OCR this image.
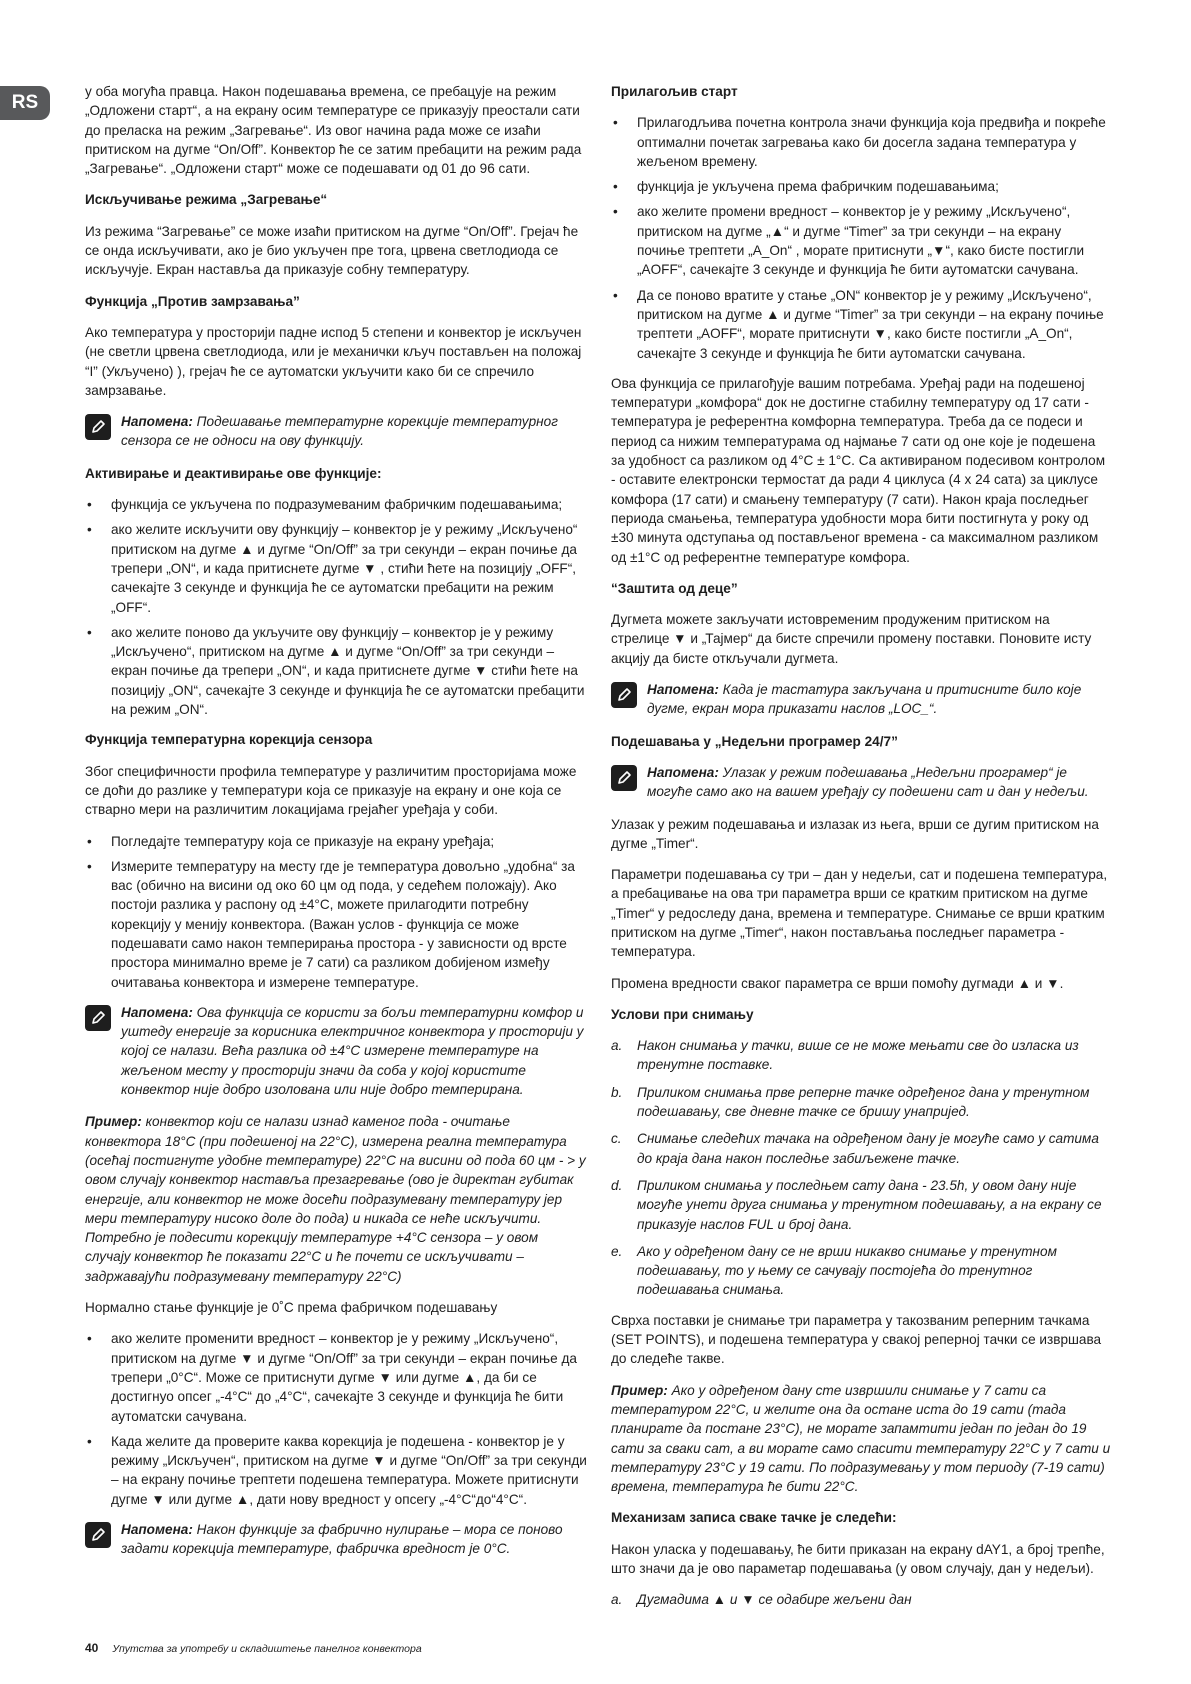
RS

у оба могућа правца. Након подешавања времена, се пребацује на режим „Одложени старт“, а на екрану осим температуре се приказују преостали сати до преласка на режим „Загревање“. Из овог начина рада може се изаћи притиском на дугме “On/Off”. Конвектор ће се затим пребацити на режим рада „Загревање“. „Одложени старт“ може се подешавати од 01 до 96 сати.

Искључивање режима „Загревање“

Из режима “Загревање” се може изаћи притиском на дугме “On/Off”. Грејач ће се онда искључивати, ако је био укључен пре тога, црвена светлодиода се искључује. Екран наставља да приказује собну температуру.

Функција „Против замрзавања”

Ако температура у просторији падне испод 5 степени и конвектор је искључен (не светли црвена светлодиода, или је механички кључ постављен на положај “I” (Укључено) ), грејач ће се аутоматски укључити како би се спречило замрзавање.

Напомена: Подешавање температурне корекције температурног сензора се не односи на ову функцију.
Активирање и деактивирање ове функције:
• функција се укључена по подразумеваним фабричким подешавањима;
• ако желите искључити ову функцију – конвектор је у режиму „Искључено“ притиском на дугме ▲ и дугме “On/Off” за три секунди – екран почиње да трепери „ON“, и када притиснете дугме ▼ , стићи ћете на позицију „OFF“, сачекајте 3 секунде и функција ће се аутоматски пребацити на режим „OFF“.
• ако желите поново да укључите ову функцију – конвектор је у режиму „Искључено“, притиском на дугме ▲ и дугме “On/Off” за три секунди – екран почиње да трепери „ON“, и када притиснете дугме ▼ стићи ћете на позицију „ON“, сачекајте 3 секунде и функција ће се аутоматски пребацити на режим „ON“.
Функција температурна корекција сензора

Због специфичности профила температуре у различитим просторијама може се доћи до разлике у температури која се приказује на екрану и оне која се стварно мери на различитим локацијама грејаћег уређаја у соби.

• Погледајте температуру која се приказује на екрану уређаја;
• Измерите температуру на месту где је температура довољно „удобна“ за вас (обично на висини од око 60 цм од пода, у седећем положају). Ако постоји разлика у распону од ±4°C, можете прилагодити потребну корекцију у менију конвектора. (Важан услов - функција се може подешавати само након темперирања простора - у зависности од врсте простора минимално време је 7 сати) са разликом добијеном између очитавања конвектора и измерене температуре.
Напомена: Ова функција се користи за бољи температурни комфор и уштеду енергије за корисника електричног конвектора у просторији у којој се налази. Већа разлика од ±4°C измерене температуре на жељеном месту у просторији значи да соба у којој користите конвектор није добро изолована или није добро темперирана.

Пример: конвектор који се налази изнад каменог пода - очитање конвектора 18°C (при подешеној на 22°C), измерена реална температура (осећај постигнуте удобне температуре) 22°C на висини од пода 60 цм - > у овом случају конвектор наставља презагревање (ово је директан губитак енергије, али конвектор не може досећи подразумевану температуру јер мери температуру нисоко доле до пода) и никада се неће искључити. Потребно је подесити корекцију температуре +4°C сензора – у овом случају конвектор ће показати 22°C и ће почети се искључивати – задржавајући подразумевану температуру 22°C)

Нормално стање функције је 0˚C према фабричком подешавању

• ако желите променити вредност – конвектор је у режиму „Искључено“, притиском на дугме ▼ и дугме “On/Off” за три секунди – екран почиње да трепери „0°C“. Може се притиснути дугме ▼ или дугме ▲, да би се достигнуо опсег „-4°C“ до „4°C“, сачекајте 3 секунде и функција ће бити аутоматски сачувана.
• Када желите да проверите каква корекција је подешена - конвектор је у режиму „Искључен“, притиском на дугме ▼ и дугме “On/Off” за три секунди – на екрану почиње трептети подешена температура. Можете притиснути дугме ▼ или дугме ▲, дати нову вредност у опсегу „-4°C“до“4°C“.
Напомена: Након функције за фабрично нулирање – мора се поново задати корекција температуре, фабричка вредност је 0°C.
Прилагољив старт
• Прилагодљива почетна контрола значи функција која предвиђа и покреће оптимални почетак загревања како би досегла задана температура у жељеном времену.
• функција је укључена према фабричким подешавањима;
• ако желите промени вредност – конвектор је у режиму „Искључено“, притиском на дугме „▲“ и дугме “Timer” за три секунди – на екрану почиње трептети „A_On“ , морате притиснути „▼“, како бисте постигли „AOFF“, сачекајте 3 секунде и функција ће бити аутоматски сачувана.
• Да се поново вратите у стање „ON“ конвектор је у режиму „Искључено“, притиском на дугме ▲ и дугме “Timer” за три секунди – на екрану почиње трептети „AOFF“, морате притиснути ▼, како бисте постигли „A_On“, сачекајте 3 секунде и функција ће бити аутоматски сачувана.

Ова функција се прилагођује вашим потребама. Уређај ради на подешеној температури „комфора“ док не достигне стабилну температуру од 17 сати - температура је референтна комфорна температура. Треба да се подеси и период са нижим температурама од најмање 7 сати од оне које је подешена за удобност са разликом од 4°C ± 1°C. Са активираном подесивом контролом - оставите електронски термостат да ради 4 циклуса (4 x 24 сата) за циклусе комфора (17 сати) и смањену температуру (7 сати). Након краја последњег периода смањења, температура удобности мора бити постигнута у року од ±30 минута одступања од постављеног времена - са максималном разликом од ±1°C од референтне температуре комфора.

“Заштита од деце”

Дугмета можете закључати истовременим продуженим притиском на стрелице ▼ и „Тајмер“ да бисте спречили промену поставки. Поновите исту акцију да бисте откључали дугмета.

Напомена: Када је тастатура закључана и притисните било које дугме, екран мора приказати наслов „LOC_“.
Подешавања у „Недељни програмер 24/7”
Напомена: Улазак у режим подешавања „Недељни програмер“ је могуће само ако на вашем уређају су подешени сат и дан у недељи.

Улазак у режим подешавања и излазак из њега, врши се дугим притиском на дугме „Timer“.

Параметри подешавања су три – дан у недељи, сат и подешена температура, а пребацивање на ова три параметра врши се кратким притиском на дугме „Timer“ у редоследу дана, времена и температуре. Снимање се врши кратким притиском на дугме „Timer“, након постављања последњег параметра - температура.

Промена вредности сваког параметра се врши помоћу дугмади ▲ и ▼.

Услови при снимању
a. Након снимања у тачки, више се не може мењати све до изласка из тренутне поставке.
b. Приликом снимања прве реперне тачке одређеног дана у тренутном подешавању, све дневне тачке се бришу унапријед.
c. Снимање следећих тачака на одређеном дану је могуће само у сатима до краја дана након последње забиљежене тачке.
d. Приликом снимања у последњем сату дана - 23.5h, у овом дану није могуће унети друга снимања у тренутном подешавању, а на екрану се приказује наслов FUL и број дана.
e. Ако у одређеном дану се не врши никакво снимање у тренутном подешавању, то у њему се сачувају постојећа до тренутног подешавања снимања.

Сврха поставки је снимање три параметра у такозваним реперним тачкама (SET POINTS), и подешена температура у свакој реперној тачки се извршава до следеће такве.

Пример: Ако у одређеном дану сте извршили снимање у 7 сати са температуром 22°C, и желите она да остане иста до 19 сати (тада планирате да постане 23°C), не морате запамтити један по један до 19 сати за сваки сат, а ви морате само спасити температуру 22°C у 7 сати и температуру 23°C у 19 сати. По подразумевању у том периоду (7-19 сати) времена, температура ће бити 22°C.

Механизам записа сваке тачке је следећи:

Након уласка у подешавању, ће бити приказан на екрану dAY1, а број трепће, што значи да је ово параметар подешавања (у овом случају, дан у недељи).

a. Дугмадима ▲ и ▼ се одабире жељени дан
40 Упутства за употребу и складиштење панелног конвектора
